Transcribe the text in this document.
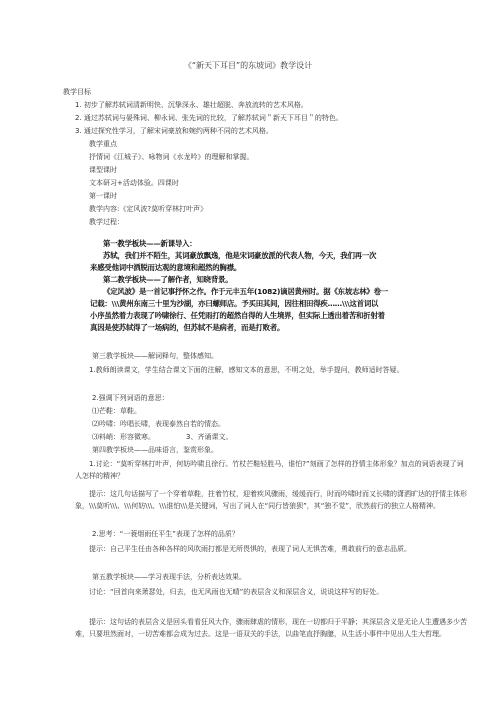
《“新天下耳目”的东坡词》教学设计
教学目标
1. 初步了解苏轼词清新明快、沉挚深永、雄壮超脱、奔放流转的艺术风格。
2. 通过苏轼词与晏殊词、柳永词、张先词的比较，了解苏轼词＂新天下耳目＂的特色。
3. 通过探究性学习，了解宋词豪放和婉约两种不同的艺术风格。
教学重点
抒情词《江城子》、咏物词《水龙吟》的理解和掌握。
课型课时
文本研习+活动体验。四课时
第一课时
教学内容:《定风波?莫听穿林打叶声》
教学过程：
第一教学板块——新课导入：
苏轼，我们并不陌生，其词豪放飘逸，他是宋词豪放派的代表人物，今天，我们再一次
来感受他词中洒脱而达观的意境和超然的胸襟。
第二教学板块——了解作者，知晓背景。
《定风波》是一首记事抒怀之作。作于元丰五年(1082)谪居黄州时。据《东坡志林》卷一
记载：\\\黄州东南三十里为沙湖，亦曰螺师店。予买田其间，因往相田得疾……\\\这首词以
小序虽然着力表现了吟啸徐行、任凭雨打的超然自得的人生境界，但实际上透出着苦和折射着
真因是使苏轼得了一场病的，但苏轼不是病者，而是打败者。
第三教学板块——解词释句，整体感知。
1.教师朗读课文，学生结合课文下面的注解，感知文本的意思，不明之处，举手提问，教师适时答疑。
2.强调下列词语的意思：
⑴芒鞋：草鞋。
⑵吟啸：吟唱长啸，表现泰然自若的情态。
⑶料峭：形容微寒。	3、齐诵课文。
第四教学板块——品味语言，鉴赏形象。
1.讨论：“莫听穿林打叶声，何妨吟啸且徐行。竹杖芒鞋轻胜马，谁怕?”刻画了怎样的抒情主体形象？加点的词语表现了词人怎样的精神？
提示：这几句话描写了一个穿着草鞋，拄着竹杖，迎着疾风骤雨，缓缓而行，时而吟啸时而又长啸的潇洒旷达的抒情主体形象，\\\莫听\\\、\\\何妨\\\、\\\谁怕\\\是关键词，写出了词人在“同行皆狼狈”，其“独不觉”，欣然前行的独立人格精神。
2.思考：“一蓑烟雨任平生”表现了怎样的品质？
提示：自己平生任由各种各样的风吹雨打都是无所畏惧的，表现了词人无惧苦难，勇敢前行的意志品质。
第五教学板块——学习表现手法，分析表达效果。
讨论：“回首向来萧瑟处，归去，也无风雨也无晴”的表层含义和深层含义，说说这样写的好处。
提示：这句话的表层含义是回头看看狂风大作，骤雨肆虐的情形，现在一切都归于平静；其深层含义是无论人生遭遇多少苦难，只要坦然面对，一切苦难都会成为过去。这是一语双关的手法，以曲笔直抒胸臆，从生活小事件中见出人生大哲理。
